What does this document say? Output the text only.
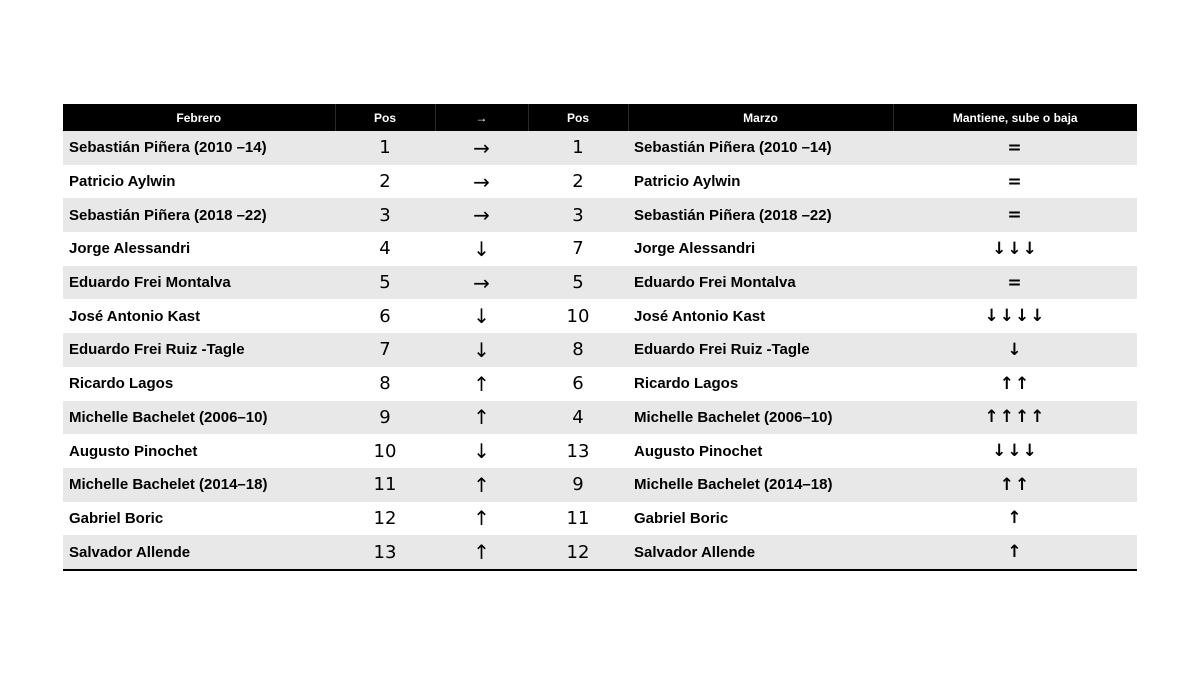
Febrero	Pos	→	Pos	Marzo	Mantiene, sube o baja
Sebastián Piñera (2010 –14)	1	→	1	Sebastián Piñera (2010 –14)	=
Patricio Aylwin	2	→	2	Patricio Aylwin	=
Sebastián Piñera (2018 –22)	3	→	3	Sebastián Piñera (2018 –22)	=
Jorge Alessandri	4	↓	7	Jorge Alessandri	↓↓↓
Eduardo Frei Montalva	5	→	5	Eduardo Frei Montalva	=
José Antonio Kast	6	↓	10	José Antonio Kast	↓↓↓↓
Eduardo Frei Ruiz -Tagle	7	↓	8	Eduardo Frei Ruiz -Tagle	↓
Ricardo Lagos	8	↑	6	Ricardo Lagos	↑↑
Michelle Bachelet (2006–10)	9	↑	4	Michelle Bachelet (2006–10)	↑↑↑↑
Augusto Pinochet	10	↓	13	Augusto Pinochet	↓↓↓
Michelle Bachelet (2014–18)	11	↑	9	Michelle Bachelet (2014–18)	↑↑
Gabriel Boric	12	↑	11	Gabriel Boric	↑
Salvador Allende	13	↑	12	Salvador Allende	↑
